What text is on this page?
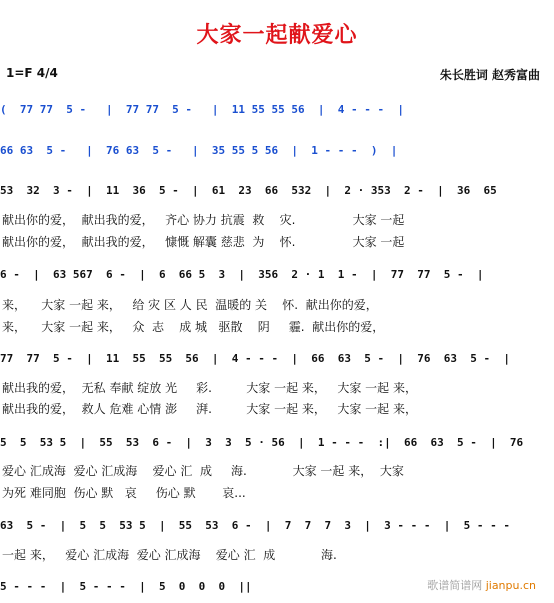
大家一起献爱心
1=F 4/4	朱长胜词 赵秀富曲
(  77 77  5 -   |  77 77  5 -   |  11 55 55 56  |  4 - - -  |
66 63  5 -   |  76 63  5 -   |  35 55 5 56  |  1 - - -  )  |
53  32  3 -  |  11  36  5 -  |  61  23  66  532  |  2 · 353  2 -  |  36  65
献出你的爱，  献出我的爱，   齐心 协力 抗震  救    灾.               大家 一起
献出你的爱，  献出我的爱，   慷慨 解囊 慈悲  为    怀.               大家 一起
6 -  |  63 567  6 -  |  6  66 5  3  |  356  2 · 1  1 -  |  77  77  5 -  |
来，    大家 一起 来，   给 灾 区 人 民  温暖的 关    怀.  献出你的爱，
来，    大家 一起 来，   众  志    成 城   驱散    阴     霾.  献出你的爱，
77  77  5 -  |  11  55  55  56  |  4 - - -  |  66  63  5 -  |  76  63  5 -  |
献出我的爱，  无私 奉献 绽放 光     彩.         大家 一起 来，   大家 一起 来，
献出我的爱，  救人 危难 心情 澎     湃.         大家 一起 来，   大家 一起 来，
5  5  53 5  |  55  53  6 -  |  3  3  5 · 56  |  1 - - -  :|  66  63  5 -  |  76
爱心 汇成海  爱心 汇成海    爱心 汇  成     海.            大家 一起 来，  大家
为死 难同胞  伤心 默   哀     伤心 默       哀...
63  5 -  |  5  5  53 5  |  55  53  6 -  |  7  7  7  3  |  3 - - -  |  5 - - -
一起 来，   爱心 汇成海  爱心 汇成海    爱心 汇  成            海.
5 - - -  |  5 - - -  |  5  0  0  0  ||	歌谱简谱网 jianpu.cn
